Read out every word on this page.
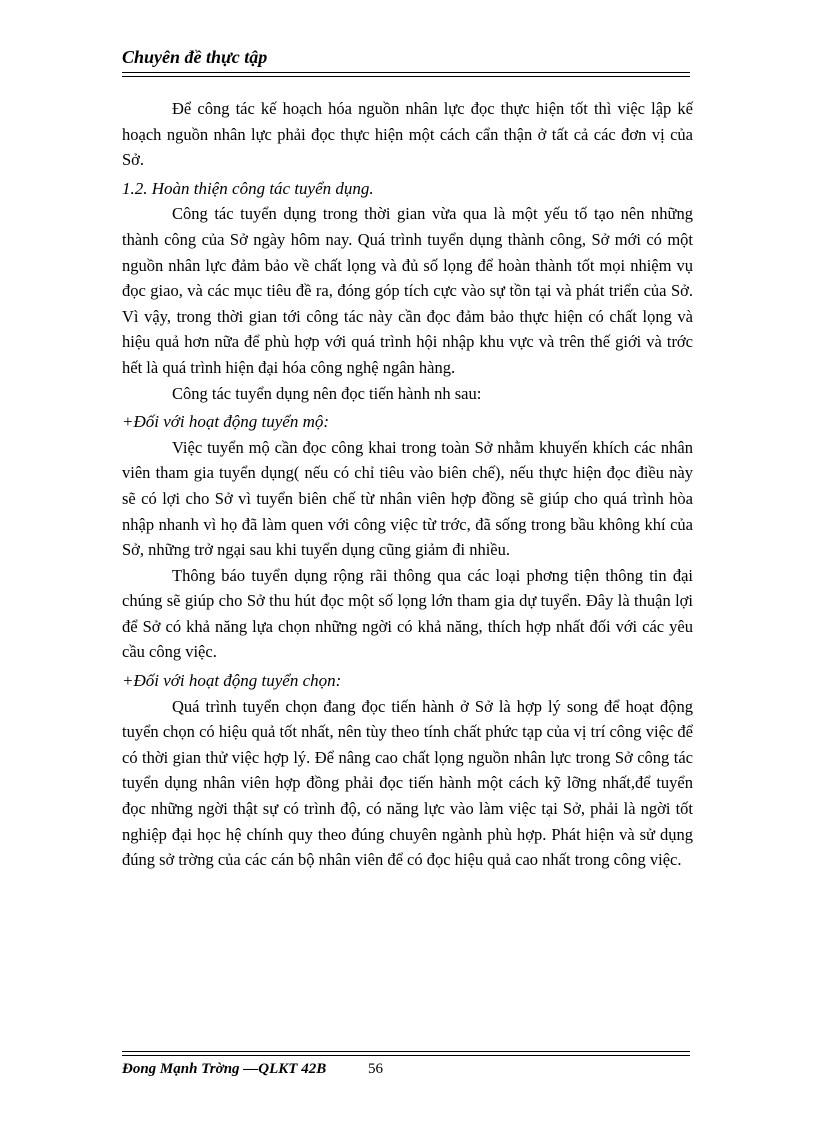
Chuyên đề thực tập

Để công tác kế hoạch hóa nguồn nhân lực đọc thực hiện tốt thì việc lập kế hoạch nguồn nhân lực phải đọc thực hiện một cách cẩn thận ở tất cả các đơn vị của Sở.

1.2. Hoàn thiện công tác tuyển dụng.

Công tác tuyển dụng trong thời gian vừa qua là một yếu tố tạo nên những thành công của Sở ngày hôm nay. Quá trình tuyển dụng thành công, Sở mới có một nguồn nhân lực đảm bảo về chất lọng và đủ số lọng để hoàn thành tốt mọi nhiệm vụ đọc giao, và các mục tiêu đề ra, đóng góp tích cực vào sự tồn tại và phát triển của Sở. Vì vậy, trong thời gian tới công tác này cần đọc đảm bảo thực hiện có chất lọng và hiệu quả hơn nữa để phù hợp với quá trình hội nhập khu vực và trên thế giới và trớc hết là quá trình hiện đại hóa công nghệ ngân hàng.

Công tác tuyển dụng nên đọc tiến hành nh sau:

+Đối với hoạt động tuyển mộ:

Việc tuyển mộ cần đọc công khai trong toàn Sở nhằm khuyến khích các nhân viên tham gia tuyển dụng( nếu có chỉ tiêu vào biên chế), nếu thực hiện đọc điều này sẽ có lợi cho Sở vì tuyển biên chế từ nhân viên hợp đồng sẽ giúp cho quá trình hòa nhập nhanh vì họ đã làm quen với công việc từ trớc, đã sống trong bầu không khí của Sở, những trở ngại sau khi tuyển dụng cũng giảm đi nhiều.

Thông báo tuyển dụng rộng rãi thông qua các loại phơng tiện thông tin đại chúng sẽ giúp cho Sở thu hút đọc một số lọng lớn tham gia dự tuyển. Đây là thuận lợi để Sở có khả năng lựa chọn những ngời có khả năng, thích hợp nhất đối với các yêu cầu công việc.

+Đối với hoạt động tuyển chọn:

Quá trình tuyển chọn đang đọc tiến hành ở Sở là hợp lý song để hoạt động tuyển chọn có hiệu quả tốt nhất, nên tùy theo tính chất phức tạp của vị trí công việc để có thời gian thử việc hợp lý. Để nâng cao chất lọng nguồn nhân lực trong Sở công tác tuyển dụng nhân viên hợp đồng phải đọc tiến hành một cách kỹ lỡng nhất,để tuyển đọc những ngời thật sự có trình độ, có năng lực vào làm việc tại Sở, phải là ngời tốt nghiệp đại học hệ chính quy theo đúng chuyên ngành phù hợp. Phát hiện và sử dụng đúng sở trờng của các cán bộ nhân viên để có đọc hiệu quả cao nhất trong công việc.

Đong Mạnh Trờng —QLKT 42B	56
